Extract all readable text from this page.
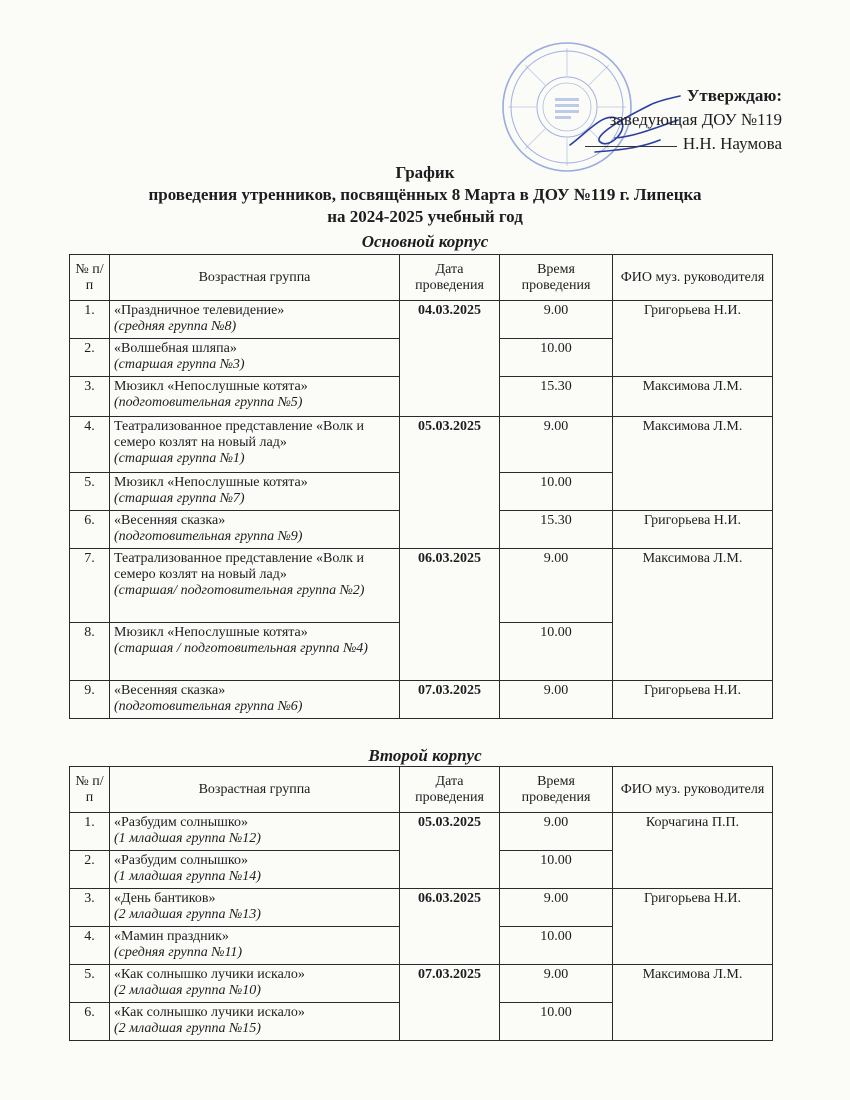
Утверждаю:
заведующая ДОУ №119
Н.Н. Наумова
График
проведения утренников, посвящённых 8 Марта в ДОУ №119 г. Липецка
на 2024-2025 учебный год
Основной корпус
№ п/п	Возрастная группа	Дата проведения	Время проведения	ФИО муз. руководителя
1.	«Праздничное телевидение»
(средняя группа №8)	04.03.2025	9.00	Григорьева Н.И.
2.	«Волшебная шляпа»
(старшая группа №3)		10.00	
3.	Мюзикл «Непослушные котята»
(подготовительная группа №5)		15.30	Максимова Л.М.
4.	Театрализованное представление «Волк и семеро козлят на новый лад»
(старшая группа №1)	05.03.2025	9.00	Максимова Л.М.
5.	Мюзикл «Непослушные котята»
(старшая группа №7)		10.00	
6.	«Весенняя сказка»
(подготовительная группа №9)		15.30	Григорьева Н.И.
7.	Театрализованное представление «Волк и семеро козлят на новый лад»
(старшая/ подготовительная группа №2)	06.03.2025	9.00	Максимова Л.М.
8.	Мюзикл «Непослушные котята»
(старшая / подготовительная группа №4)		10.00	
9.	«Весенняя сказка»
(подготовительная группа №6)	07.03.2025	9.00	Григорьева Н.И.
Второй корпус
№ п/п	Возрастная группа	Дата проведения	Время проведения	ФИО муз. руководителя
1.	«Разбудим солнышко»
(1 младшая группа №12)	05.03.2025	9.00	Корчагина П.П.
2.	«Разбудим солнышко»
(1 младшая группа №14)		10.00	
3.	«День бантиков»
(2 младшая группа №13)	06.03.2025	9.00	Григорьева Н.И.
4.	«Мамин праздник»
(средняя группа №11)		10.00	
5.	«Как солнышко лучики искало»
(2 младшая группа №10)	07.03.2025	9.00	Максимова Л.М.
6.	«Как солнышко лучики искало»
(2 младшая группа №15)		10.00	
